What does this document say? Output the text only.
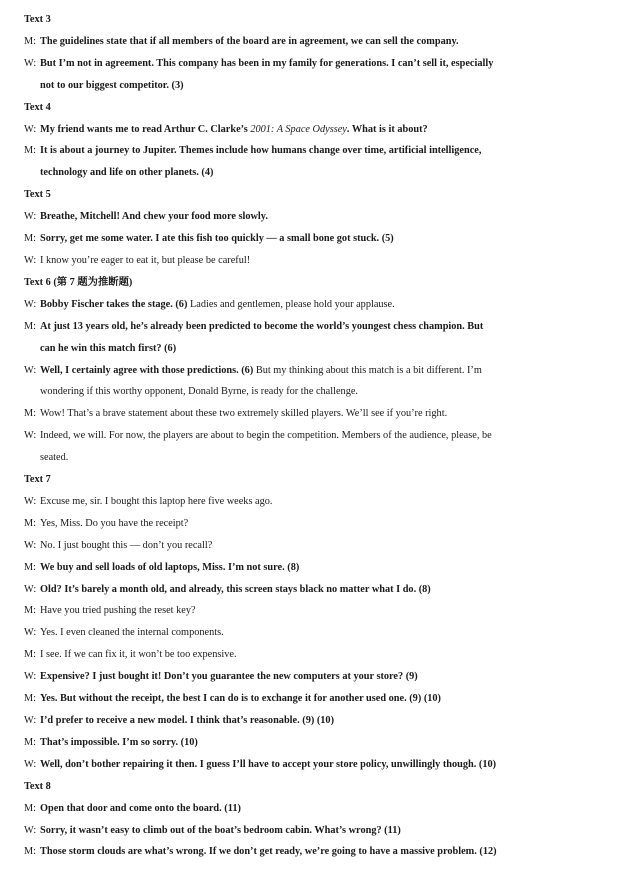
Text 3
M: The guidelines state that if all members of the board are in agreement, we can sell the company.
W: But I’m not in agreement. This company has been in my family for generations. I can’t sell it, especially
not to our biggest competitor. (3)
Text 4
W: My friend wants me to read Arthur C. Clarke’s 2001: A Space Odyssey. What is it about?
M: It is about a journey to Jupiter. Themes include how humans change over time, artificial intelligence,
technology and life on other planets. (4)
Text 5
W: Breathe, Mitchell! And chew your food more slowly.
M: Sorry, get me some water. I ate this fish too quickly — a small bone got stuck. (5)
W: I know you’re eager to eat it, but please be careful!
Text 6 (第 7 题为推断题)
W: Bobby Fischer takes the stage. (6) Ladies and gentlemen, please hold your applause.
M: At just 13 years old, he’s already been predicted to become the world’s youngest chess champion. But
can he win this match first? (6)
W: Well, I certainly agree with those predictions. (6) But my thinking about this match is a bit different. I’m
wondering if this worthy opponent, Donald Byrne, is ready for the challenge.
M: Wow! That’s a brave statement about these two extremely skilled players. We’ll see if you’re right.
W: Indeed, we will. For now, the players are about to begin the competition. Members of the audience, please, be
seated.
Text 7
W: Excuse me, sir. I bought this laptop here five weeks ago.
M: Yes, Miss. Do you have the receipt?
W: No. I just bought this — don’t you recall?
M: We buy and sell loads of old laptops, Miss. I’m not sure. (8)
W: Old? It’s barely a month old, and already, this screen stays black no matter what I do. (8)
M: Have you tried pushing the reset key?
W: Yes. I even cleaned the internal components.
M: I see. If we can fix it, it won’t be too expensive.
W: Expensive? I just bought it! Don’t you guarantee the new computers at your store? (9)
M: Yes. But without the receipt, the best I can do is to exchange it for another used one. (9) (10)
W: I’d prefer to receive a new model. I think that’s reasonable. (9) (10)
M: That’s impossible. I’m so sorry. (10)
W: Well, don’t bother repairing it then. I guess I’ll have to accept your store policy, unwillingly though. (10)
Text 8
M: Open that door and come onto the board. (11)
W: Sorry, it wasn’t easy to climb out of the boat’s bedroom cabin. What’s wrong? (11)
M: Those storm clouds are what’s wrong. If we don’t get ready, we’re going to have a massive problem. (12)
